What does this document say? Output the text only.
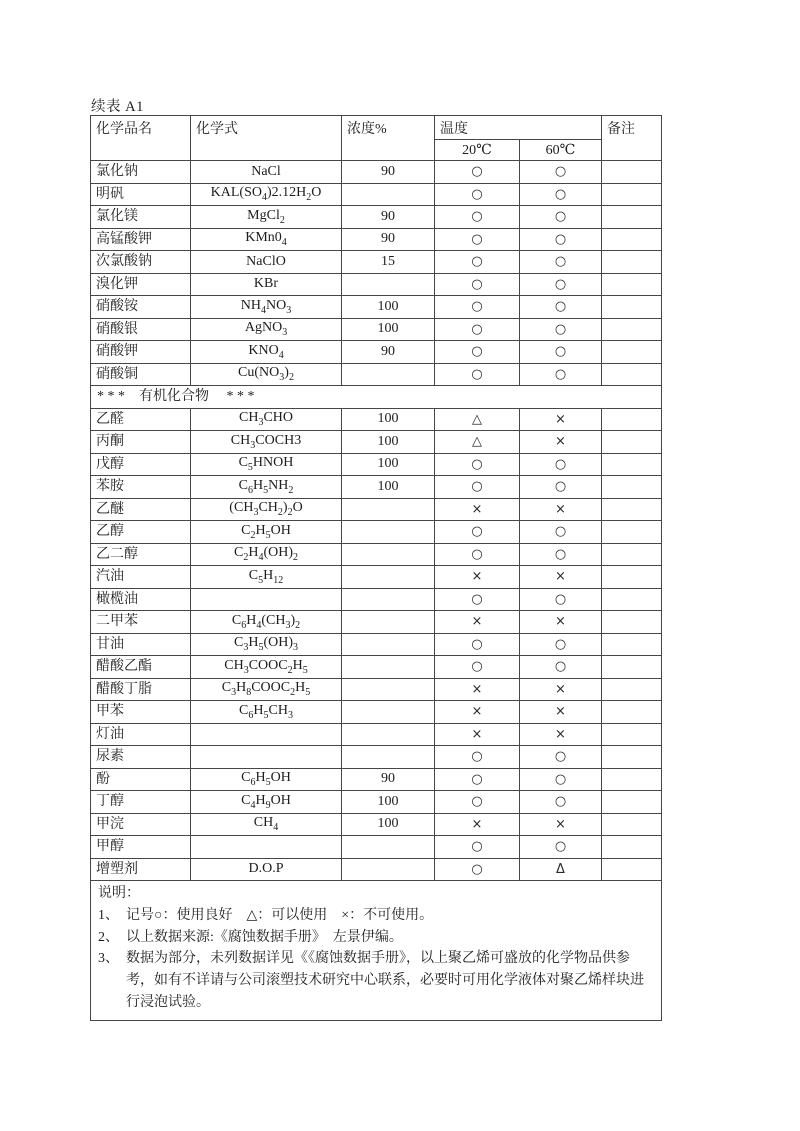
续表 A1
化学品名	化学式	浓度%	温度		备注
			20℃	60℃	
氯化钠	NaCl	90	○	○	
明矾	$KAL(SO_4)2.12H_2O$		○	○	
氯化镁	MgCl$_2$	90	○	○	
高锰酸钾	$KMn0_4$	90	○	○	
次氯酸钠	NaClO	15	○	○	
溴化钾	KBr		○	○	
硝酸铵	$NH_4NO_3$	100	○	○	
硝酸银	AgNO$_3$	100	○	○	
硝酸钾	$KNO_4$	90	○	○	
硝酸铜	$Cu(NO_3)_2$		○	○	
* * *　有机化合物　 * * *					
乙醛	$CH_3CHO$	100	△	×	
丙酮	$CH_3COCH3$	100	△	×	
戊醇	$C_5HNOH$	100	○	○	
苯胺	$C_6H_5NH_2$	100	○	○	
乙醚	$(CH_3CH_2)_2O$		×	×	
乙醇	$C_2H_5OH$		○	○	
乙二醇	$C_2H_4(OH)_2$		○	○	
汽油	$C_5H_{12}$		×	×	
橄榄油			○	○	
二甲苯	$C_6H_4(CH_3)_2$		×	×	
甘油	$C_3H_5(OH)_3$		○	○	
醋酸乙酯	$CH_3COOC_2H_5$		○	○	
醋酸丁脂	$C_3H_8COOC_2H_5$		×	×	
甲苯	$C_6H_5CH_3$		×	×	
灯油			×	×	
尿素			○	○	
酚	$C_6H_5OH$	90	○	○	
丁醇	$C_4H_9OH$	100	○	○	
甲浣	$CH_4$	100	×	×	
甲醇			○	○	
增塑剂	D.O.P		○	Δ	

说明：
1、 记号○：使用良好　△：可以使用　×：不可使用。
2、 以上数据来源:《腐蚀数据手册》　左景伊编。
3、 数据为部分，未列数据详见《《腐蚀数据手册》，以上聚乙烯可盛放的化学物品供参考，如有不详请与公司滚塑技术研究中心联系，必要时可用化学液体对聚乙烯样块进行浸泡试验。
